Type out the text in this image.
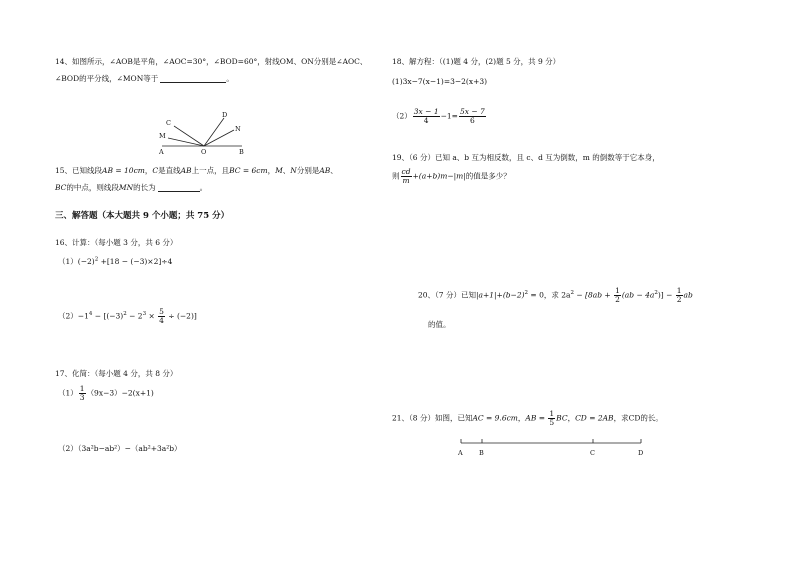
14、如图所示，∠AOB是平角，∠AOC=30°，∠BOD=60°，射线OM、ON分别是∠AOC、
∠BOD的平分线，∠MON等于	。
C
M
D
N
A	O	B
15、已知线段AB = 10cm，C是直线AB上一点，且BC = 6cm，M、N分别是AB、
BC的中点，则线段MN的长为	。
三、解答题（本大题共 9 个小题；共 75 分）
16、计算：（每小题 3 分，共 6 分）
$(1)(-2)^2 +[18 - (-3)\times 2]\div 4$
$(2)-1^4 - [(-3)^2 - 2^3 \times \frac{5}{4} \div (-2)]$
17、化简：（每小题 4 分，共 8 分）
$(1) \frac{1}{3} (9x-3)-2(x+1)$
（2）（3a²b−ab²）−（ab²+3a²b）
18、解方程：（(1)题 4 分，(2)题 5 分，共 9 分）
(1)3x−7(x−1)=3−2(x+3)
$(2) \frac{3x - 1}{4} -1= \frac{5x - 7}{6}$
19、（6 分）已知 a、b 互为相反数，且 c、d 互为倒数，m 的倒数等于它本身，
则 $\frac{cd}{m} +(a+b)m-|m|$的值是多少？
20、（7 分）已知$|a+1|+(b-2)^2 = 0$，求 $2a^2 - [8ab + \frac{1}{2} (ab - 4a^2)] - \frac{1}{2}$ ab
的值。
21、（8 分）如图，已知AC = 9.6cm，AB = $\frac{1}{5}$ BC，CD = 2AB，求CD的长。
A	B	C	D
